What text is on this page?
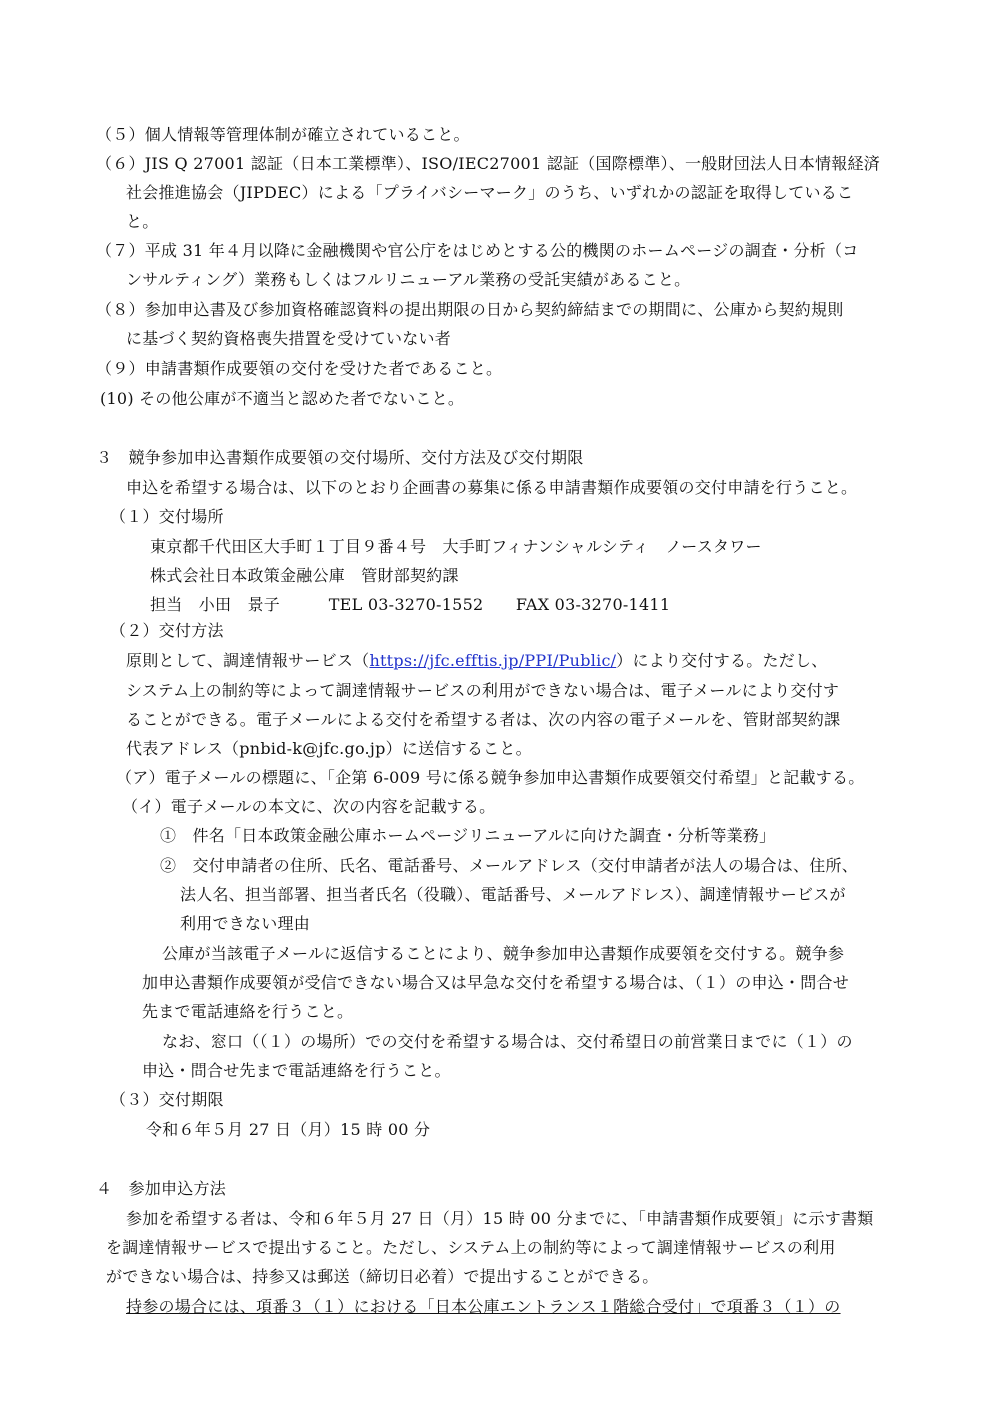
（５）個人情報等管理体制が確立されていること。
（６）JIS Q 27001 認証（日本工業標準）、ISO/IEC27001 認証（国際標準）、一般財団法人日本情報経済
社会推進協会（JIPDEC）による「プライバシーマーク」のうち、いずれかの認証を取得しているこ
と。
（７）平成 31 年４月以降に金融機関や官公庁をはじめとする公的機関のホームページの調査・分析（コ
ンサルティング）業務もしくはフルリニューアル業務の受託実績があること。
（８）参加申込書及び参加資格確認資料の提出期限の日から契約締結までの期間に、公庫から契約規則
に基づく契約資格喪失措置を受けていない者
（９）申請書類作成要領の交付を受けた者であること。
(10) その他公庫が不適当と認めた者でないこと。
３　競争参加申込書類作成要領の交付場所、交付方法及び交付期限
申込を希望する場合は、以下のとおり企画書の募集に係る申請書類作成要領の交付申請を行うこと。
（１）交付場所
東京都千代田区大手町１丁目９番４号　大手町フィナンシャルシティ　ノースタワー
株式会社日本政策金融公庫　管財部契約課
担当　小田　景子　　　TEL 03-3270-1552　　FAX 03-3270-1411
（２）交付方法
原則として、調達情報サービス（https://jfc.efftis.jp/PPI/Public/）により交付する。ただし、
システム上の制約等によって調達情報サービスの利用ができない場合は、電子メールにより交付す
ることができる。電子メールによる交付を希望する者は、次の内容の電子メールを、管財部契約課
代表アドレス（pnbid-k@jfc.go.jp）に送信すること。
（ア）電子メールの標題に、「企第 6-009 号に係る競争参加申込書類作成要領交付希望」と記載する。
（イ）電子メールの本文に、次の内容を記載する。
①　件名「日本政策金融公庫ホームページリニューアルに向けた調査・分析等業務」
②　交付申請者の住所、氏名、電話番号、メールアドレス（交付申請者が法人の場合は、住所、
法人名、担当部署、担当者氏名（役職）、電話番号、メールアドレス）、調達情報サービスが
利用できない理由
公庫が当該電子メールに返信することにより、競争参加申込書類作成要領を交付する。競争参
加申込書類作成要領が受信できない場合又は早急な交付を希望する場合は、（１）の申込・問合せ
先まで電話連絡を行うこと。
なお、窓口（（１）の場所）での交付を希望する場合は、交付希望日の前営業日までに（１）の
申込・問合せ先まで電話連絡を行うこと。
（３）交付期限
令和６年５月 27 日（月）15 時 00 分
４　参加申込方法
参加を希望する者は、令和６年５月 27 日（月）15 時 00 分までに、「申請書類作成要領」に示す書類
を調達情報サービスで提出すること。ただし、システム上の制約等によって調達情報サービスの利用
ができない場合は、持参又は郵送（締切日必着）で提出することができる。
持参の場合には、項番３（１）における「日本公庫エントランス１階総合受付」で項番３（１）の
